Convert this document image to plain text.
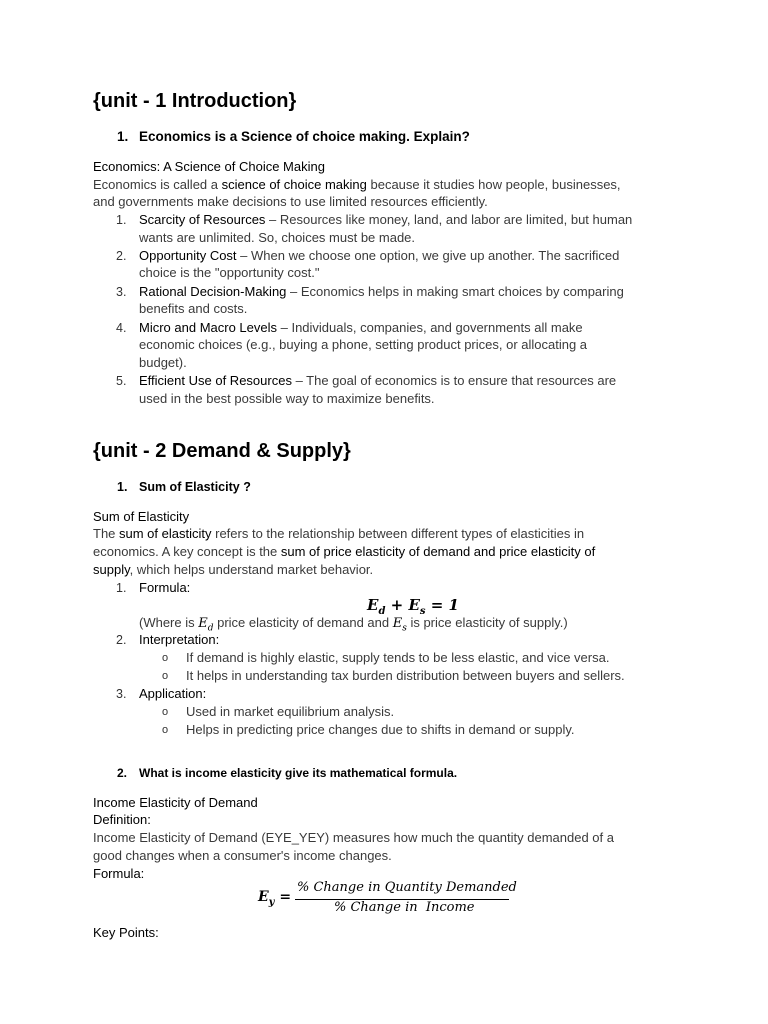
{unit - 1 Introduction}
1. Economics is a Science of choice making. Explain?
Economics: A Science of Choice Making
Economics is called a science of choice making because it studies how people, businesses,
and governments make decisions to use limited resources efficiently.
1. Scarcity of Resources – Resources like money, land, and labor are limited, but human
wants are unlimited. So, choices must be made.
2. Opportunity Cost – When we choose one option, we give up another. The sacrificed
choice is the "opportunity cost."
3. Rational Decision-Making – Economics helps in making smart choices by comparing
benefits and costs.
4. Micro and Macro Levels – Individuals, companies, and governments all make
economic choices (e.g., buying a phone, setting product prices, or allocating a
budget).
5. Efficient Use of Resources – The goal of economics is to ensure that resources are
used in the best possible way to maximize benefits.
{unit - 2 Demand & Supply}
1. Sum of Elasticity ?
Sum of Elasticity
The sum of elasticity refers to the relationship between different types of elasticities in
economics. A key concept is the sum of price elasticity of demand and price elasticity of
supply, which helps understand market behavior.
1. Formula:
$E_d + E_s = 1$
(Where is $E_d$ price elasticity of demand and $E_s$ is price elasticity of supply.)
2. Interpretation:
o If demand is highly elastic, supply tends to be less elastic, and vice versa.
o It helps in understanding tax burden distribution between buyers and sellers.
3. Application:
o Used in market equilibrium analysis.
o Helps in predicting price changes due to shifts in demand or supply.
2. What is income elasticity give its mathematical formula.
Income Elasticity of Demand
Definition:
Income Elasticity of Demand (EYE_YEY) measures how much the quantity demanded of a
good changes when a consumer's income changes.
Formula:
$E_y$ =
% Change in Quantity Demanded
% Change in  Income
Key Points:
